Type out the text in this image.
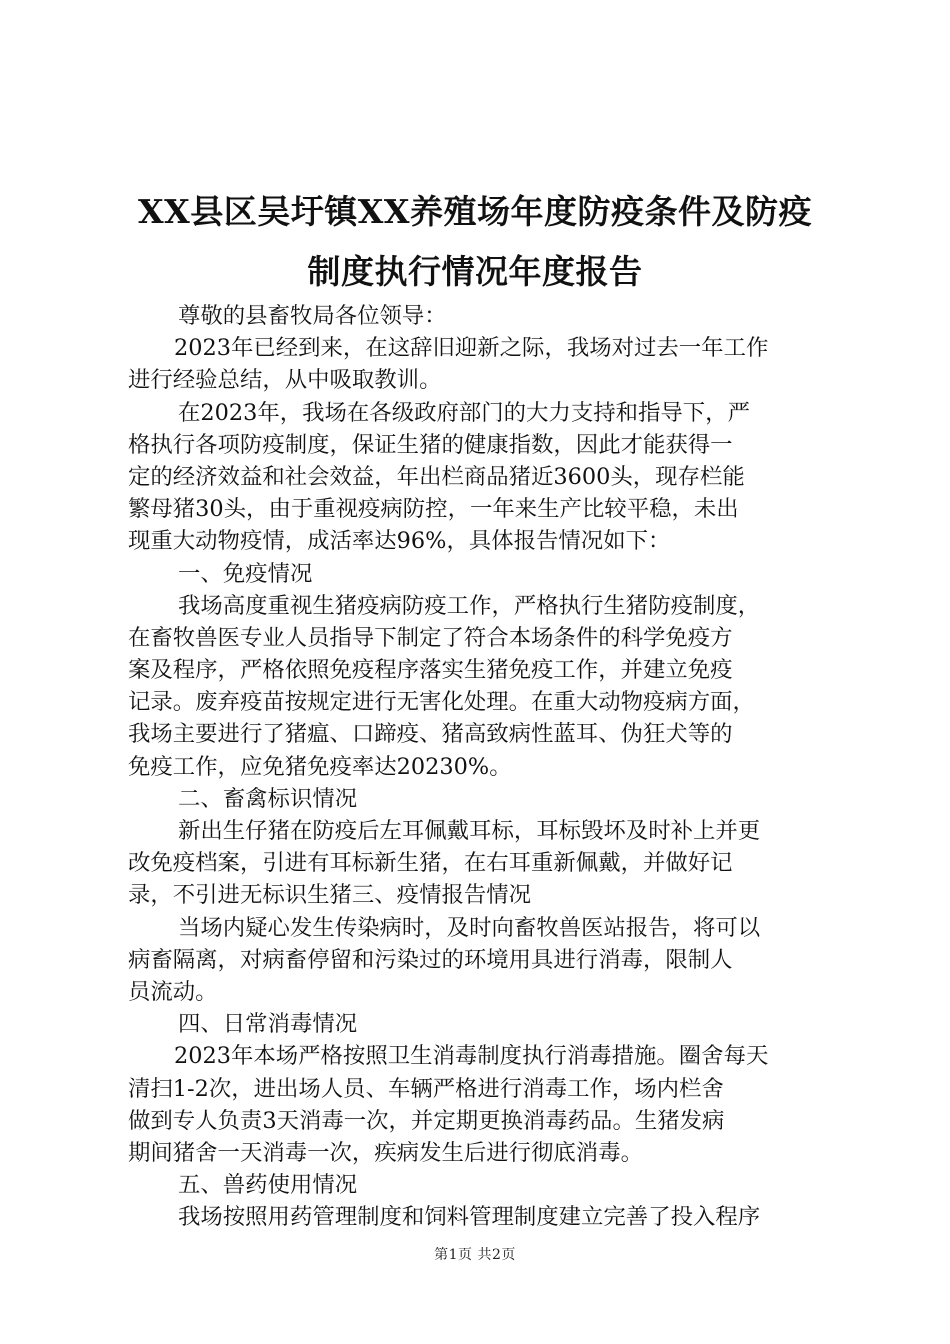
XX县区吴圩镇XX养殖场年度防疫条件及防疫
制度执行情况年度报告
尊敬的县畜牧局各位领导：
2023年已经到来，在这辞旧迎新之际，我场对过去一年工作
进行经验总结，从中吸取教训。
在2023年，我场在各级政府部门的大力支持和指导下，严
格执行各项防疫制度，保证生猪的健康指数，因此才能获得一
定的经济效益和社会效益，年出栏商品猪近3600头，现存栏能
繁母猪30头，由于重视疫病防控，一年来生产比较平稳，未出
现重大动物疫情，成活率达96%，具体报告情况如下：
一、免疫情况
我场高度重视生猪疫病防疫工作，严格执行生猪防疫制度，
在畜牧兽医专业人员指导下制定了符合本场条件的科学免疫方
案及程序，严格依照免疫程序落实生猪免疫工作，并建立免疫
记录。废弃疫苗按规定进行无害化处理。在重大动物疫病方面，
我场主要进行了猪瘟、口蹄疫、猪高致病性蓝耳、伪狂犬等的
免疫工作，应免猪免疫率达20230%。
二、畜禽标识情况
新出生仔猪在防疫后左耳佩戴耳标，耳标毁坏及时补上并更
改免疫档案，引进有耳标新生猪，在右耳重新佩戴，并做好记
录，不引进无标识生猪三、疫情报告情况
当场内疑心发生传染病时，及时向畜牧兽医站报告，将可以
病畜隔离，对病畜停留和污染过的环境用具进行消毒，限制人
员流动。
四、日常消毒情况
2023年本场严格按照卫生消毒制度执行消毒措施。圈舍每天
清扫1-2次，进出场人员、车辆严格进行消毒工作，场内栏舍
做到专人负责3天消毒一次，并定期更换消毒药品。生猪发病
期间猪舍一天消毒一次，疾病发生后进行彻底消毒。
五、兽药使用情况
我场按照用药管理制度和饲料管理制度建立完善了投入程序
第1页 共2页
